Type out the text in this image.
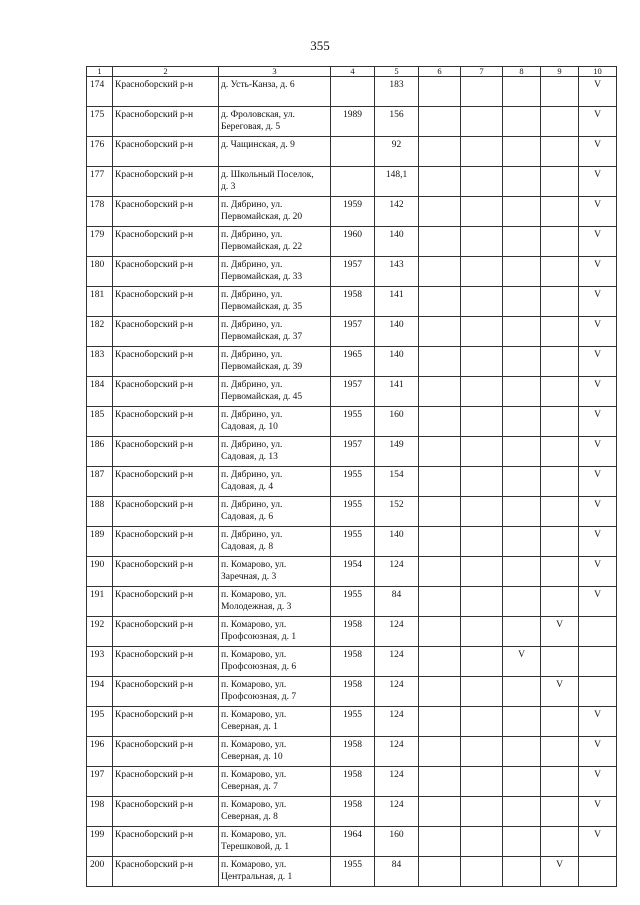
355
1	2	3	4	5	6	7	8	9	10
174	Красноборский р-н	д. Усть-Канза, д. 6		183					V
175	Красноборский р-н	д. Фроловская, ул.
Береговая, д. 5	1989	156					V
176	Красноборский р-н	д. Чащинская, д. 9		92					V
177	Красноборский р-н	д. Школьный Поселок,
д. 3		148,1					V
178	Красноборский р-н	п. Дябрино, ул.
Первомайская, д. 20	1959	142					V
179	Красноборский р-н	п. Дябрино, ул.
Первомайская, д. 22	1960	140					V
180	Красноборский р-н	п. Дябрино, ул.
Первомайская, д. 33	1957	143					V
181	Красноборский р-н	п. Дябрино, ул.
Первомайская, д. 35	1958	141					V
182	Красноборский р-н	п. Дябрино, ул.
Первомайская, д. 37	1957	140					V
183	Красноборский р-н	п. Дябрино, ул.
Первомайская, д. 39	1965	140					V
184	Красноборский р-н	п. Дябрино, ул.
Первомайская, д. 45	1957	141					V
185	Красноборский р-н	п. Дябрино, ул.
Садовая, д. 10	1955	160					V
186	Красноборский р-н	п. Дябрино, ул.
Садовая, д. 13	1957	149					V
187	Красноборский р-н	п. Дябрино, ул.
Садовая, д. 4	1955	154					V
188	Красноборский р-н	п. Дябрино, ул.
Садовая, д. 6	1955	152					V
189	Красноборский р-н	п. Дябрино, ул.
Садовая, д. 8	1955	140					V
190	Красноборский р-н	п. Комарово, ул.
Заречная, д. 3	1954	124					V
191	Красноборский р-н	п. Комарово, ул.
Молодежная, д. 3	1955	84					V
192	Красноборский р-н	п. Комарово, ул.
Профсоюзная, д. 1	1958	124				V	
193	Красноборский р-н	п. Комарово, ул.
Профсоюзная, д. 6	1958	124			V		
194	Красноборский р-н	п. Комарово, ул.
Профсоюзная, д. 7	1958	124				V	
195	Красноборский р-н	п. Комарово, ул.
Северная, д. 1	1955	124					V
196	Красноборский р-н	п. Комарово, ул.
Северная, д. 10	1958	124					V
197	Красноборский р-н	п. Комарово, ул.
Северная, д. 7	1958	124					V
198	Красноборский р-н	п. Комарово, ул.
Северная, д. 8	1958	124					V
199	Красноборский р-н	п. Комарово, ул.
Терешковой, д. 1	1964	160					V
200	Красноборский р-н	п. Комарово, ул.
Центральная, д. 1	1955	84				V	
